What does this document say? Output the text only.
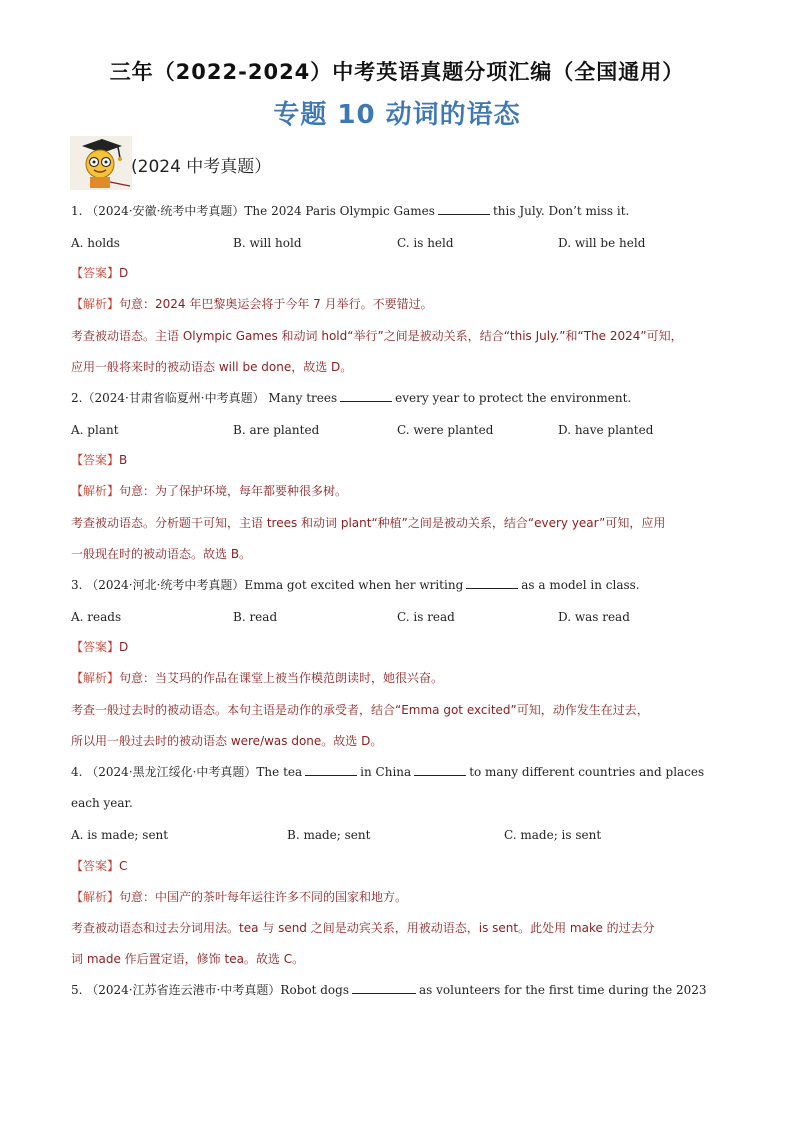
三年（2022-2024）中考英语真题分项汇编（全国通用）
专题 10 动词的语态
(2024 中考真题）
1. （2024·安徽·统考中考真题）The 2024 Paris Olympic Games	this July. Don’t miss it.
A. holds	B. will hold	C. is held	D. will be held
【答案】D
【解析】句意：2024 年巴黎奥运会将于今年 7 月举行。不要错过。
考查被动语态。主语 Olympic Games 和动词 hold“举行”之间是被动关系，结合“this July.”和“The 2024”可知，
应用一般将来时的被动语态 will be done，故选 D。
2.（2024·甘肃省临夏州·中考真题） Many trees	every year to protect the environment.
A. plant	B. are planted	C. were planted	D. have planted
【答案】B
【解析】句意：为了保护环境，每年都要种很多树。
考查被动语态。分析题干可知，主语 trees 和动词 plant“种植”之间是被动关系，结合“every year”可知，应用
一般现在时的被动语态。故选 B。
3. （2024·河北·统考中考真题）Emma got excited when her writing	as a model in class.
A. reads	B. read	C. is read	D. was read
【答案】D
【解析】句意：当艾玛的作品在课堂上被当作模范朗读时，她很兴奋。
考查一般过去时的被动语态。本句主语是动作的承受者，结合“Emma got excited”可知，动作发生在过去，
所以用一般过去时的被动语态 were/was done。故选 D。
4. （2024·黑龙江绥化·中考真题）The tea	in China	to many different countries and places
each year.
A. is made; sent	B. made; sent	C. made; is sent
【答案】C
【解析】句意：中国产的茶叶每年运往许多不同的国家和地方。
考查被动语态和过去分词用法。tea 与 send 之间是动宾关系，用被动语态，is sent。此处用 make 的过去分
词 made 作后置定语，修饰 tea。故选 C。
5. （2024·江苏省连云港市·中考真题）Robot dogs	as volunteers for the first time during the 2023
